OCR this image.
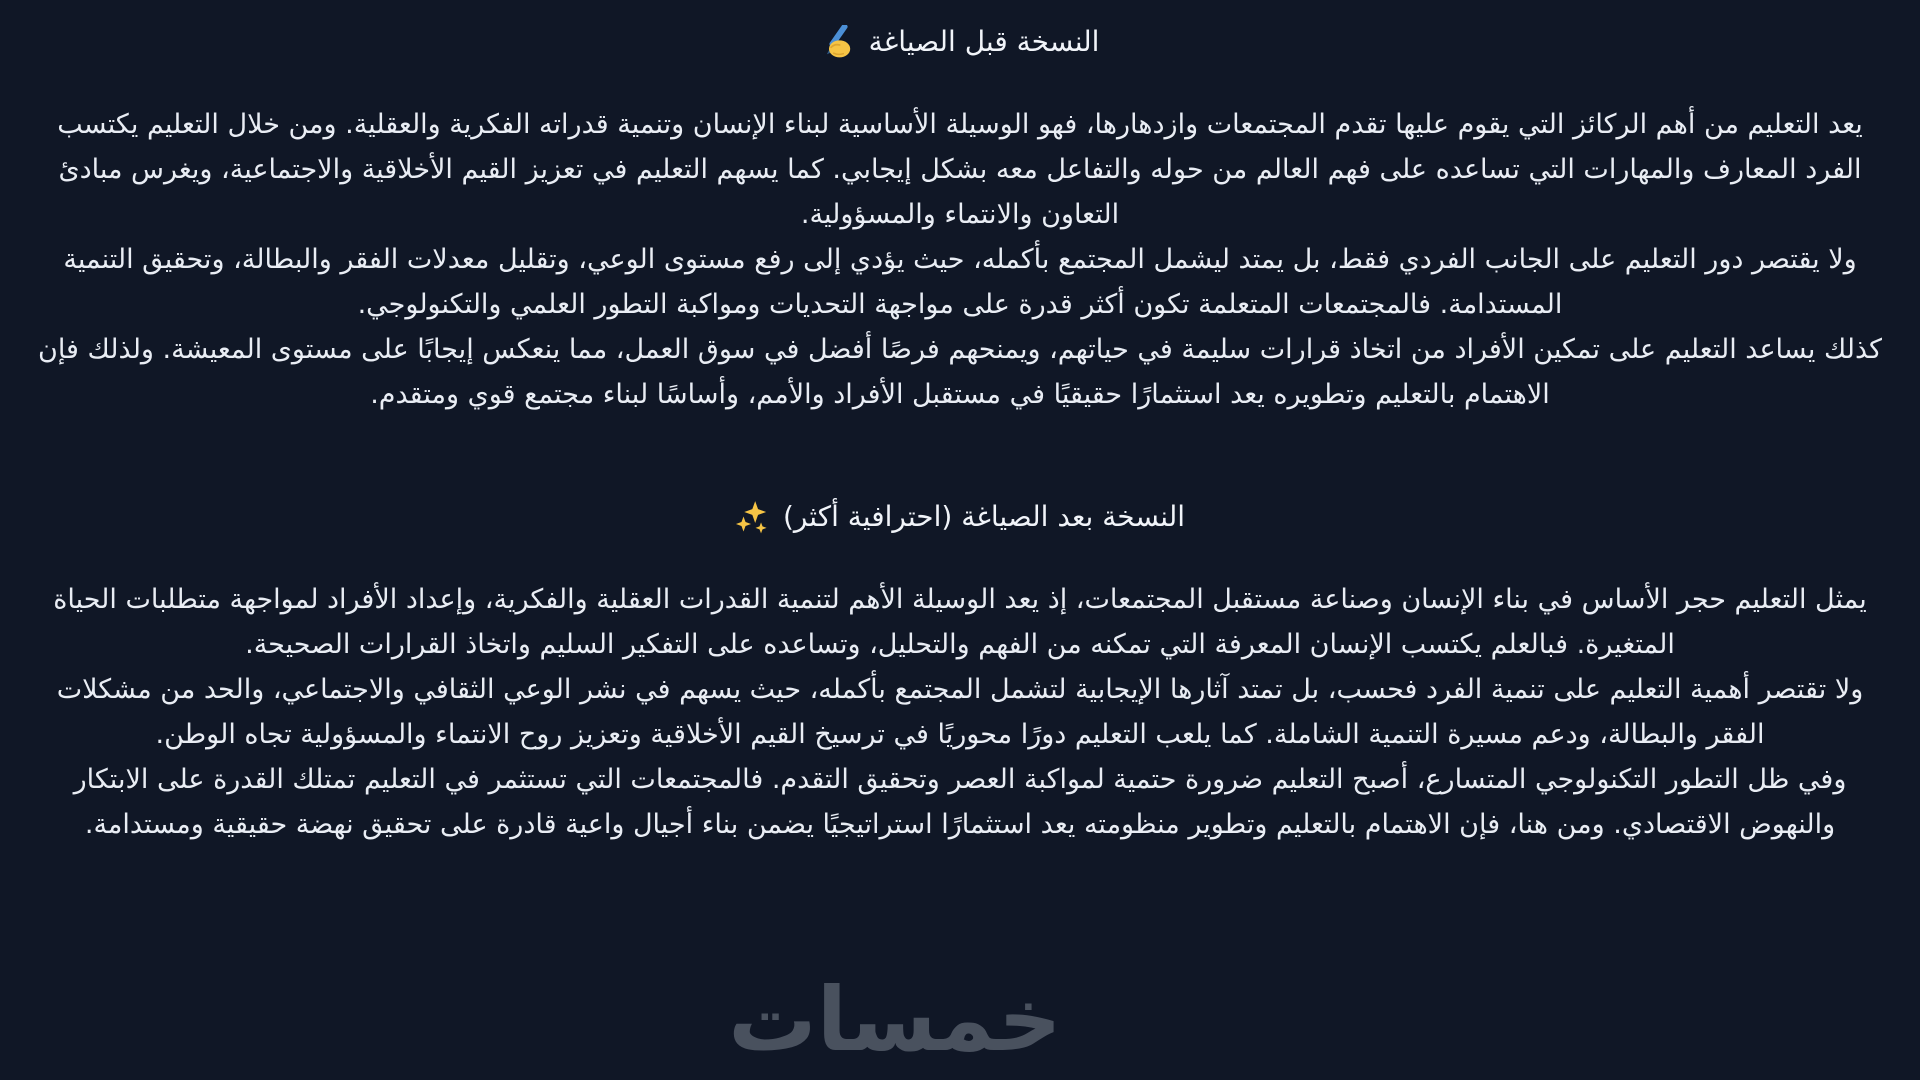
خمسات
النسخة قبل الصياغة

يعد التعليم من أهم الركائز التي يقوم عليها تقدم المجتمعات وازدهارها، فهو الوسيلة الأساسية لبناء الإنسان وتنمية قدراته الفكرية والعقلية. ومن خلال التعليم يكتسب الفرد المعارف والمهارات التي تساعده على فهم العالم من حوله والتفاعل معه بشكل إيجابي. كما يسهم التعليم في تعزيز القيم الأخلاقية والاجتماعية، ويغرس مبادئ التعاون والانتماء والمسؤولية.

ولا يقتصر دور التعليم على الجانب الفردي فقط، بل يمتد ليشمل المجتمع بأكمله، حيث يؤدي إلى رفع مستوى الوعي، وتقليل معدلات الفقر والبطالة، وتحقيق التنمية المستدامة. فالمجتمعات المتعلمة تكون أكثر قدرة على مواجهة التحديات ومواكبة التطور العلمي والتكنولوجي.

كذلك يساعد التعليم على تمكين الأفراد من اتخاذ قرارات سليمة في حياتهم، ويمنحهم فرصًا أفضل في سوق العمل، مما ينعكس إيجابًا على مستوى المعيشة. ولذلك فإن الاهتمام بالتعليم وتطويره يعد استثمارًا حقيقيًا في مستقبل الأفراد والأمم، وأساسًا لبناء مجتمع قوي ومتقدم.

النسخة بعد الصياغة (احترافية أكثر)

يمثل التعليم حجر الأساس في بناء الإنسان وصناعة مستقبل المجتمعات، إذ يعد الوسيلة الأهم لتنمية القدرات العقلية والفكرية، وإعداد الأفراد لمواجهة متطلبات الحياة المتغيرة. فبالعلم يكتسب الإنسان المعرفة التي تمكنه من الفهم والتحليل، وتساعده على التفكير السليم واتخاذ القرارات الصحيحة.

ولا تقتصر أهمية التعليم على تنمية الفرد فحسب، بل تمتد آثارها الإيجابية لتشمل المجتمع بأكمله، حيث يسهم في نشر الوعي الثقافي والاجتماعي، والحد من مشكلات الفقر والبطالة، ودعم مسيرة التنمية الشاملة. كما يلعب التعليم دورًا محوريًا في ترسيخ القيم الأخلاقية وتعزيز روح الانتماء والمسؤولية تجاه الوطن.

وفي ظل التطور التكنولوجي المتسارع، أصبح التعليم ضرورة حتمية لمواكبة العصر وتحقيق التقدم. فالمجتمعات التي تستثمر في التعليم تمتلك القدرة على الابتكار والنهوض الاقتصادي. ومن هنا، فإن الاهتمام بالتعليم وتطوير منظومته يعد استثمارًا استراتيجيًا يضمن بناء أجيال واعية قادرة على تحقيق نهضة حقيقية ومستدامة.
